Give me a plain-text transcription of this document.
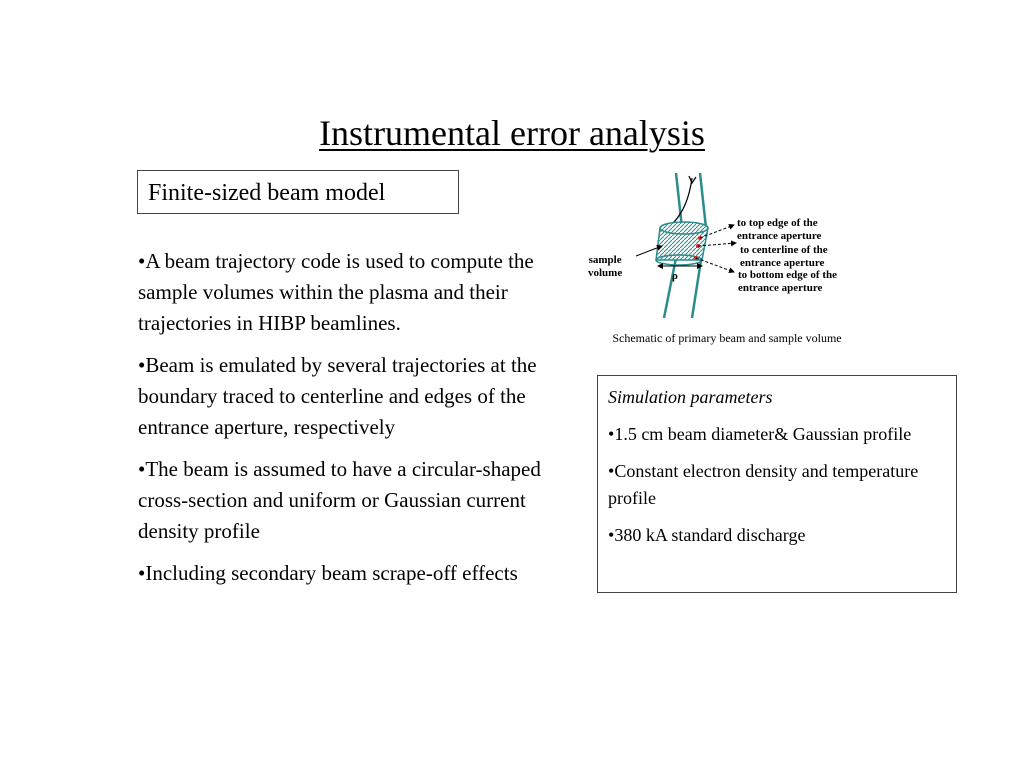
Instrumental error analysis
Finite-sized beam model
•A beam trajectory code is used to compute the sample volumes within the plasma and their trajectories in HIBP beamlines.
•Beam is emulated by several trajectories at the boundary traced to centerline and edges of the entrance aperture, respectively
•The beam is assumed to have a circular-shaped cross-section and uniform or Gaussian current density profile
•Including secondary beam scrape-off effects
sample
volume	ρ
to top edge of the
entrance aperture
to centerline of the
entrance aperture
to bottom edge of the
entrance aperture
Schematic of primary beam and sample volume
Simulation parameters
•1.5 cm beam diameter& Gaussian profile
•Constant electron density and temperature profile
•380 kA standard discharge
